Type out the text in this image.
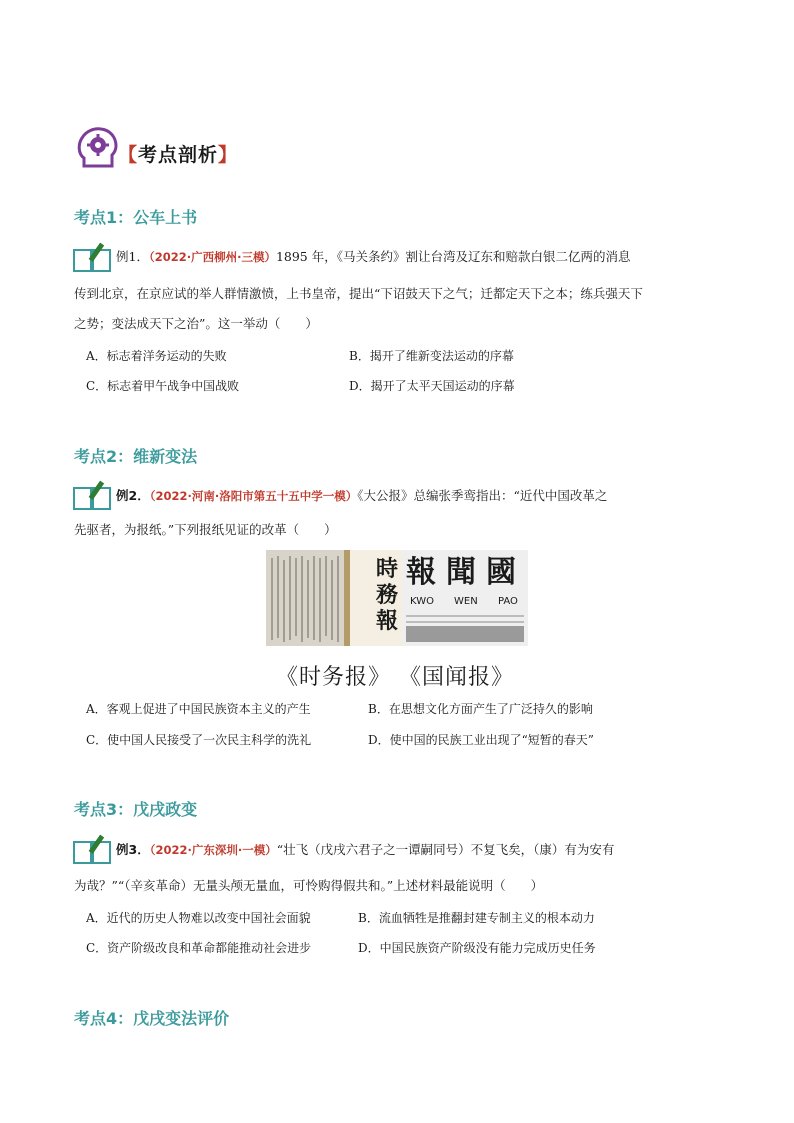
【考点剖析】
考点1：公车上书
例1．（2022·广西柳州·三模）1895 年，《马关条约》割让台湾及辽东和赔款白银二亿两的消息
传到北京，在京应试的举人群情激愤，上书皇帝，提出“下诏鼓天下之气；迁都定天下之本；练兵强天下
之势；变法成天下之治”。这一举动（　　）
A．标志着洋务运动的失败	B．揭开了维新变法运动的序幕
C．标志着甲午战争中国战败	D．揭开了太平天国运动的序幕
考点2：维新变法
例2．（2022·河南·洛阳市第五十五中学一模）《大公报》总编张季鸾指出：“近代中国改革之
先驱者，为报纸。”下列报纸见证的改革（　　）
時
務
報
報聞國
KWO WEN PAO
《时务报》 《国闻报》
A．客观上促进了中国民族资本主义的产生	B．在思想文化方面产生了广泛持久的影响
C．使中国人民接受了一次民主科学的洗礼	D．使中国的民族工业出现了“短暂的春天”
考点3：戊戌政变
例3．（2022·广东深圳·一模）“壮飞（戊戌六君子之一谭嗣同号）不复飞矣，（康）有为安有
为哉？”“（辛亥革命）无量头颅无量血，可怜购得假共和。”上述材料最能说明（　　）
A．近代的历史人物难以改变中国社会面貌	B．流血牺牲是推翻封建专制主义的根本动力
C．资产阶级改良和革命都能推动社会进步	D．中国民族资产阶级没有能力完成历史任务
考点4：戊戌变法评价
